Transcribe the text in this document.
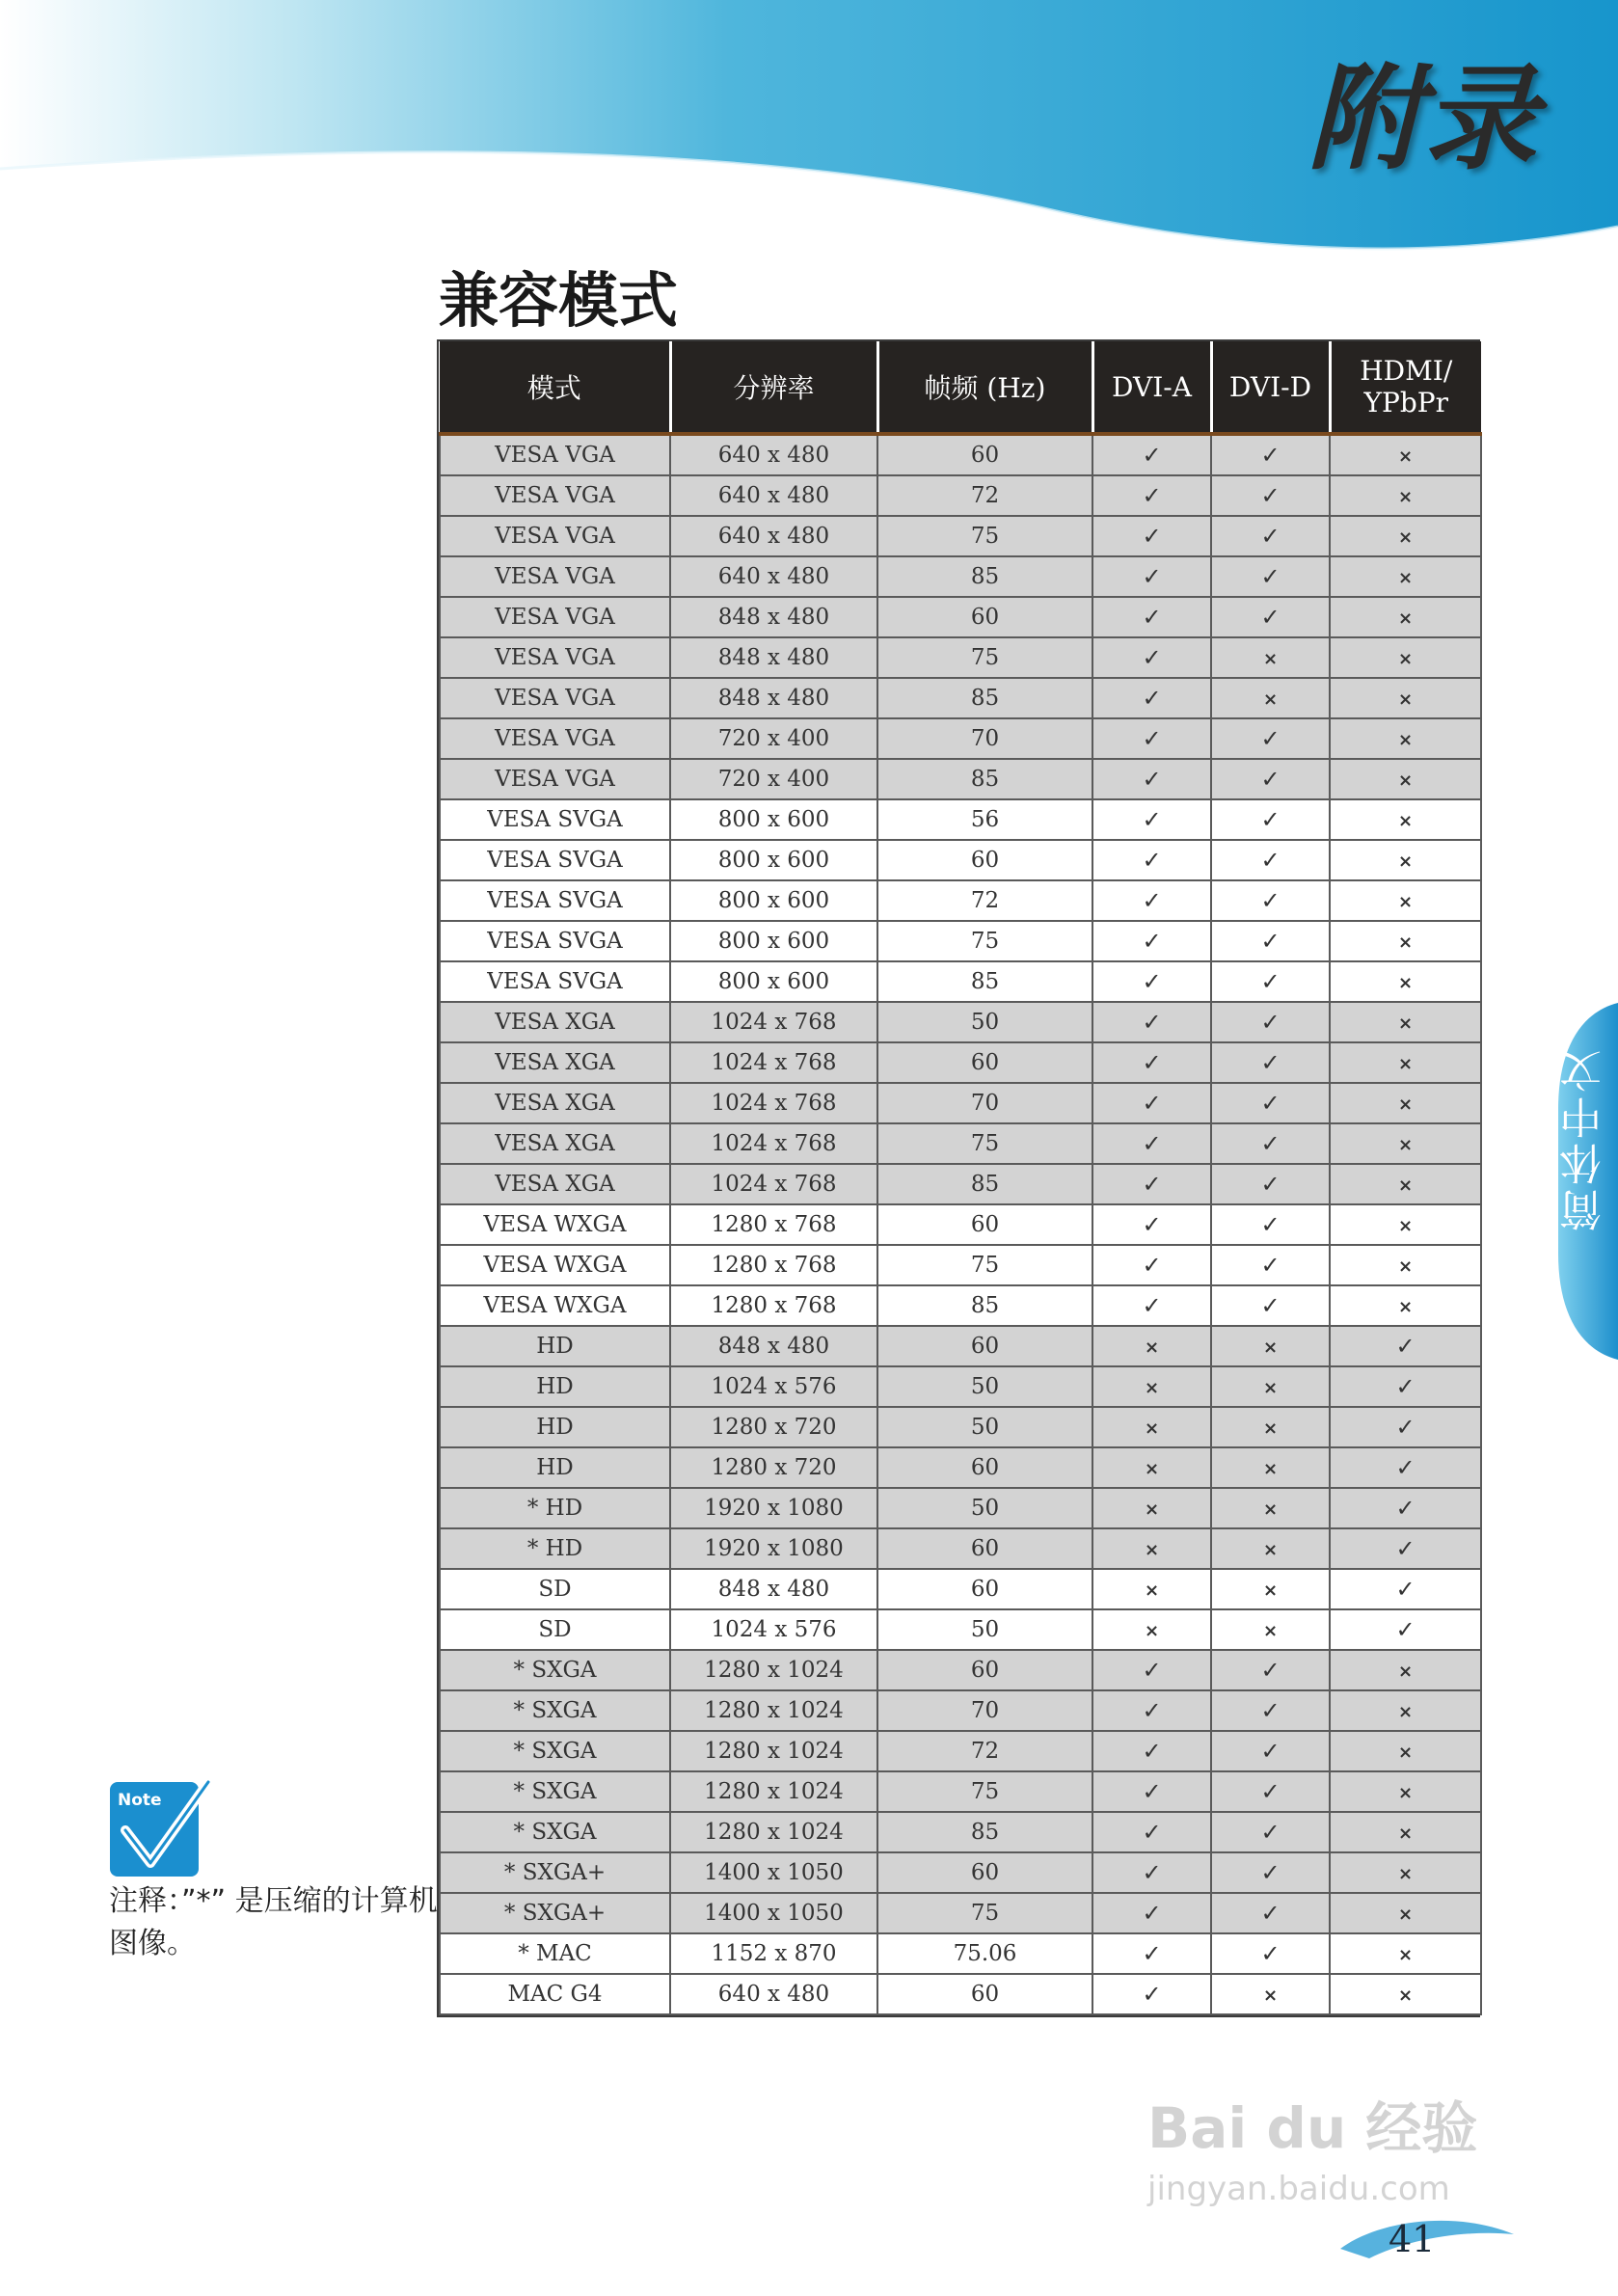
附录
兼容模式
模式	分辨率	帧频 (Hz)	DVI-A	DVI-D	HDMI/
YPbPr

VESA VGA	640 x 480	60	✓	✓	×
VESA VGA	640 x 480	72	✓	✓	×
VESA VGA	640 x 480	75	✓	✓	×
VESA VGA	640 x 480	85	✓	✓	×
VESA VGA	848 x 480	60	✓	✓	×
VESA VGA	848 x 480	75	✓	×	×
VESA VGA	848 x 480	85	✓	×	×
VESA VGA	720 x 400	70	✓	✓	×
VESA VGA	720 x 400	85	✓	✓	×
VESA SVGA	800 x 600	56	✓	✓	×
VESA SVGA	800 x 600	60	✓	✓	×
VESA SVGA	800 x 600	72	✓	✓	×
VESA SVGA	800 x 600	75	✓	✓	×
VESA SVGA	800 x 600	85	✓	✓	×
VESA XGA	1024 x 768	50	✓	✓	×
VESA XGA	1024 x 768	60	✓	✓	×
VESA XGA	1024 x 768	70	✓	✓	×
VESA XGA	1024 x 768	75	✓	✓	×
VESA XGA	1024 x 768	85	✓	✓	×
VESA WXGA	1280 x 768	60	✓	✓	×
VESA WXGA	1280 x 768	75	✓	✓	×
VESA WXGA	1280 x 768	85	✓	✓	×
HD	848 x 480	60	×	×	✓
HD	1024 x 576	50	×	×	✓
HD	1280 x 720	50	×	×	✓
HD	1280 x 720	60	×	×	✓
* HD	1920 x 1080	50	×	×	✓
* HD	1920 x 1080	60	×	×	✓
SD	848 x 480	60	×	×	✓
SD	1024 x 576	50	×	×	✓
* SXGA	1280 x 1024	60	✓	✓	×
* SXGA	1280 x 1024	70	✓	✓	×
* SXGA	1280 x 1024	72	✓	✓	×
* SXGA	1280 x 1024	75	✓	✓	×
* SXGA	1280 x 1024	85	✓	✓	×
* SXGA+	1400 x 1050	60	✓	✓	×
* SXGA+	1400 x 1050	75	✓	✓	×
* MAC	1152 x 870	75.06	✓	✓	×
MAC G4	640 x 480	60	✓	×	×
Note
注释：”*” 是压缩的计算机图像。
简体中文
Bai du 经验
jingyan.baidu.com
41
